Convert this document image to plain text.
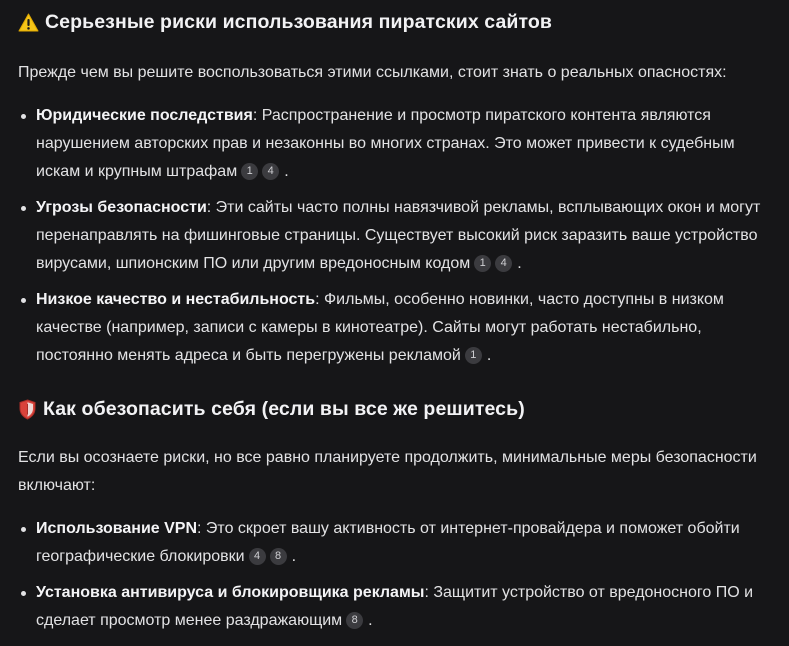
Серьезные риски использования пиратских сайтов
Прежде чем вы решите воспользоваться этими ссылками, стоит знать о реальных опасностях:
Юридические последствия: Распространение и просмотр пиратского контента являются нарушением авторских прав и незаконны во многих странах. Это может привести к судебным искам и крупным штрафам 1 4 .
Угрозы безопасности: Эти сайты часто полны навязчивой рекламы, всплывающих окон и могут перенаправлять на фишинговые страницы. Существует высокий риск заразить ваше устройство вирусами, шпионским ПО или другим вредоносным кодом 1 4 .
Низкое качество и нестабильность: Фильмы, особенно новинки, часто доступны в низком качестве (например, записи с камеры в кинотеатре). Сайты могут работать нестабильно, постоянно менять адреса и быть перегружены рекламой 1 .
Как обезопасить себя (если вы все же решитесь)
Если вы осознаете риски, но все равно планируете продолжить, минимальные меры безопасности включают:
Использование VPN: Это скроет вашу активность от интернет-провайдера и поможет обойти географические блокировки 4 8 .
Установка антивируса и блокировщика рекламы: Защитит устройство от вредоносного ПО и сделает просмотр менее раздражающим 8 .
